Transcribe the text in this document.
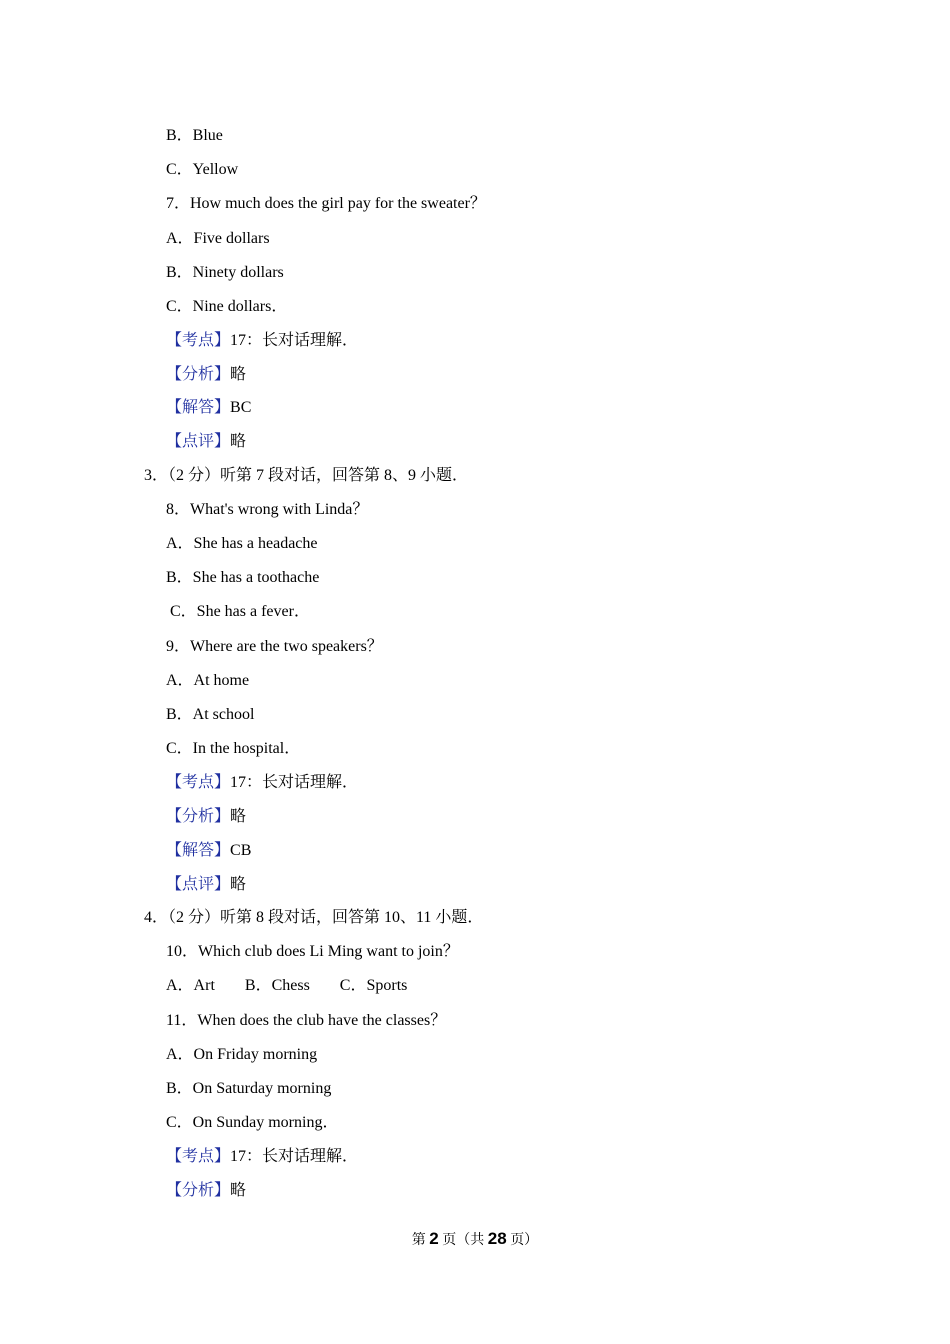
B．Blue
C．Yellow
7．How much does the girl pay for the sweater？
A．Five dollars
B．Ninety dollars
C．Nine dollars．
【考点】17：长对话理解．
【分析】略
【解答】BC
【点评】略
3．（2 分）听第 7 段对话，回答第 8、9 小题．
8．What's wrong with Linda？
A．She has a headache
B．She has a toothache
C．She has a fever．
9．Where are the two speakers？
A．At home
B．At school
C．In the hospital．
【考点】17：长对话理解．
【分析】略
【解答】CB
【点评】略
4．（2 分）听第 8 段对话，回答第 10、11 小题．
10．Which club does Li Ming want to join？
A．Art B．Chess C．Sports
11．When does the club have the classes？
A．On Friday morning
B．On Saturday morning
C．On Sunday morning．
【考点】17：长对话理解．
【分析】略
第 2 页（共 28 页）
